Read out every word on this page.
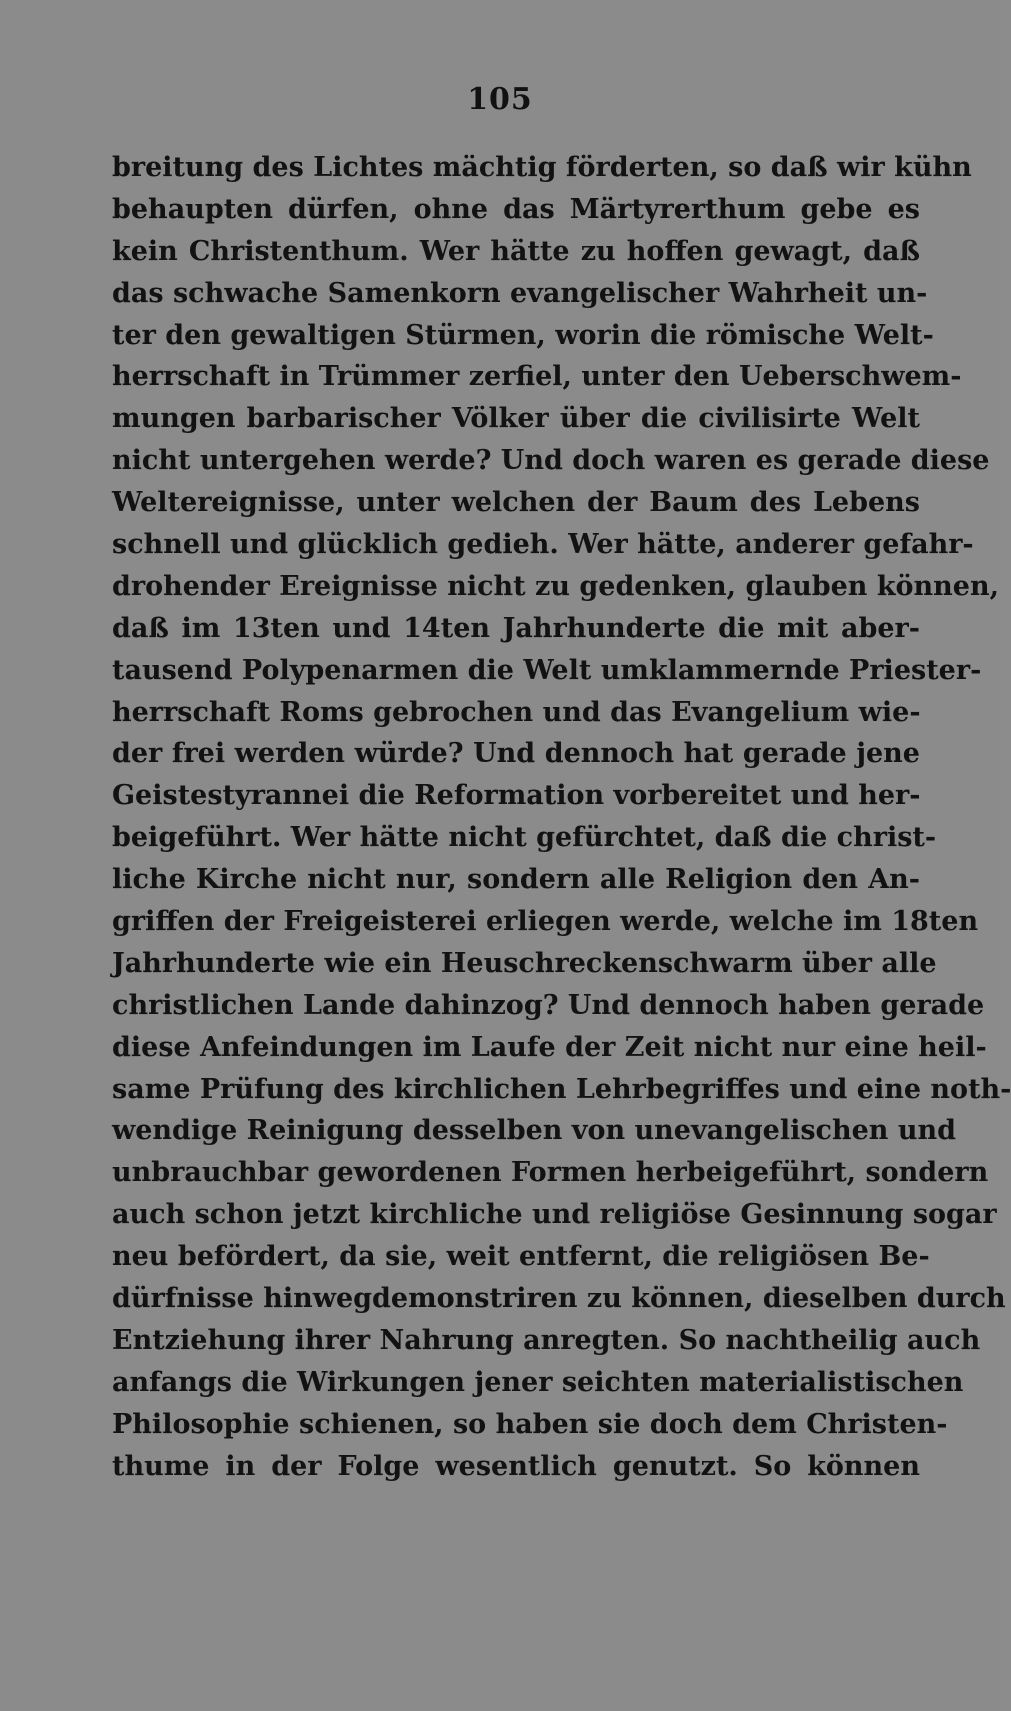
105
breitung des Lichtes mächtig förderten, so daß wir kühn
behaupten dürfen, ohne das Märtyrerthum gebe es
kein Christenthum. Wer hätte zu hoffen gewagt, daß
das schwache Samenkorn evangelischer Wahrheit un-
ter den gewaltigen Stürmen, worin die römische Welt-
herrschaft in Trümmer zerfiel, unter den Ueberschwem-
mungen barbarischer Völker über die civilisirte Welt
nicht untergehen werde? Und doch waren es gerade diese
Weltereignisse, unter welchen der Baum des Lebens
schnell und glücklich gedieh. Wer hätte, anderer gefahr-
drohender Ereignisse nicht zu gedenken, glauben können,
daß im 13ten und 14ten Jahrhunderte die mit aber-
tausend Polypenarmen die Welt umklammernde Priester-
herrschaft Roms gebrochen und das Evangelium wie-
der frei werden würde? Und dennoch hat gerade jene
Geistestyrannei die Reformation vorbereitet und her-
beigeführt. Wer hätte nicht gefürchtet, daß die christ-
liche Kirche nicht nur, sondern alle Religion den An-
griffen der Freigeisterei erliegen werde, welche im 18ten
Jahrhunderte wie ein Heuschreckenschwarm über alle
christlichen Lande dahinzog? Und dennoch haben gerade
diese Anfeindungen im Laufe der Zeit nicht nur eine heil-
same Prüfung des kirchlichen Lehrbegriffes und eine noth-
wendige Reinigung desselben von unevangelischen und
unbrauchbar gewordenen Formen herbeigeführt, sondern
auch schon jetzt kirchliche und religiöse Gesinnung sogar
neu befördert, da sie, weit entfernt, die religiösen Be-
dürfnisse hinwegdemonstriren zu können, dieselben durch
Entziehung ihrer Nahrung anregten. So nachtheilig auch
anfangs die Wirkungen jener seichten materialistischen
Philosophie schienen, so haben sie doch dem Christen-
thume in der Folge wesentlich genutzt. So können
